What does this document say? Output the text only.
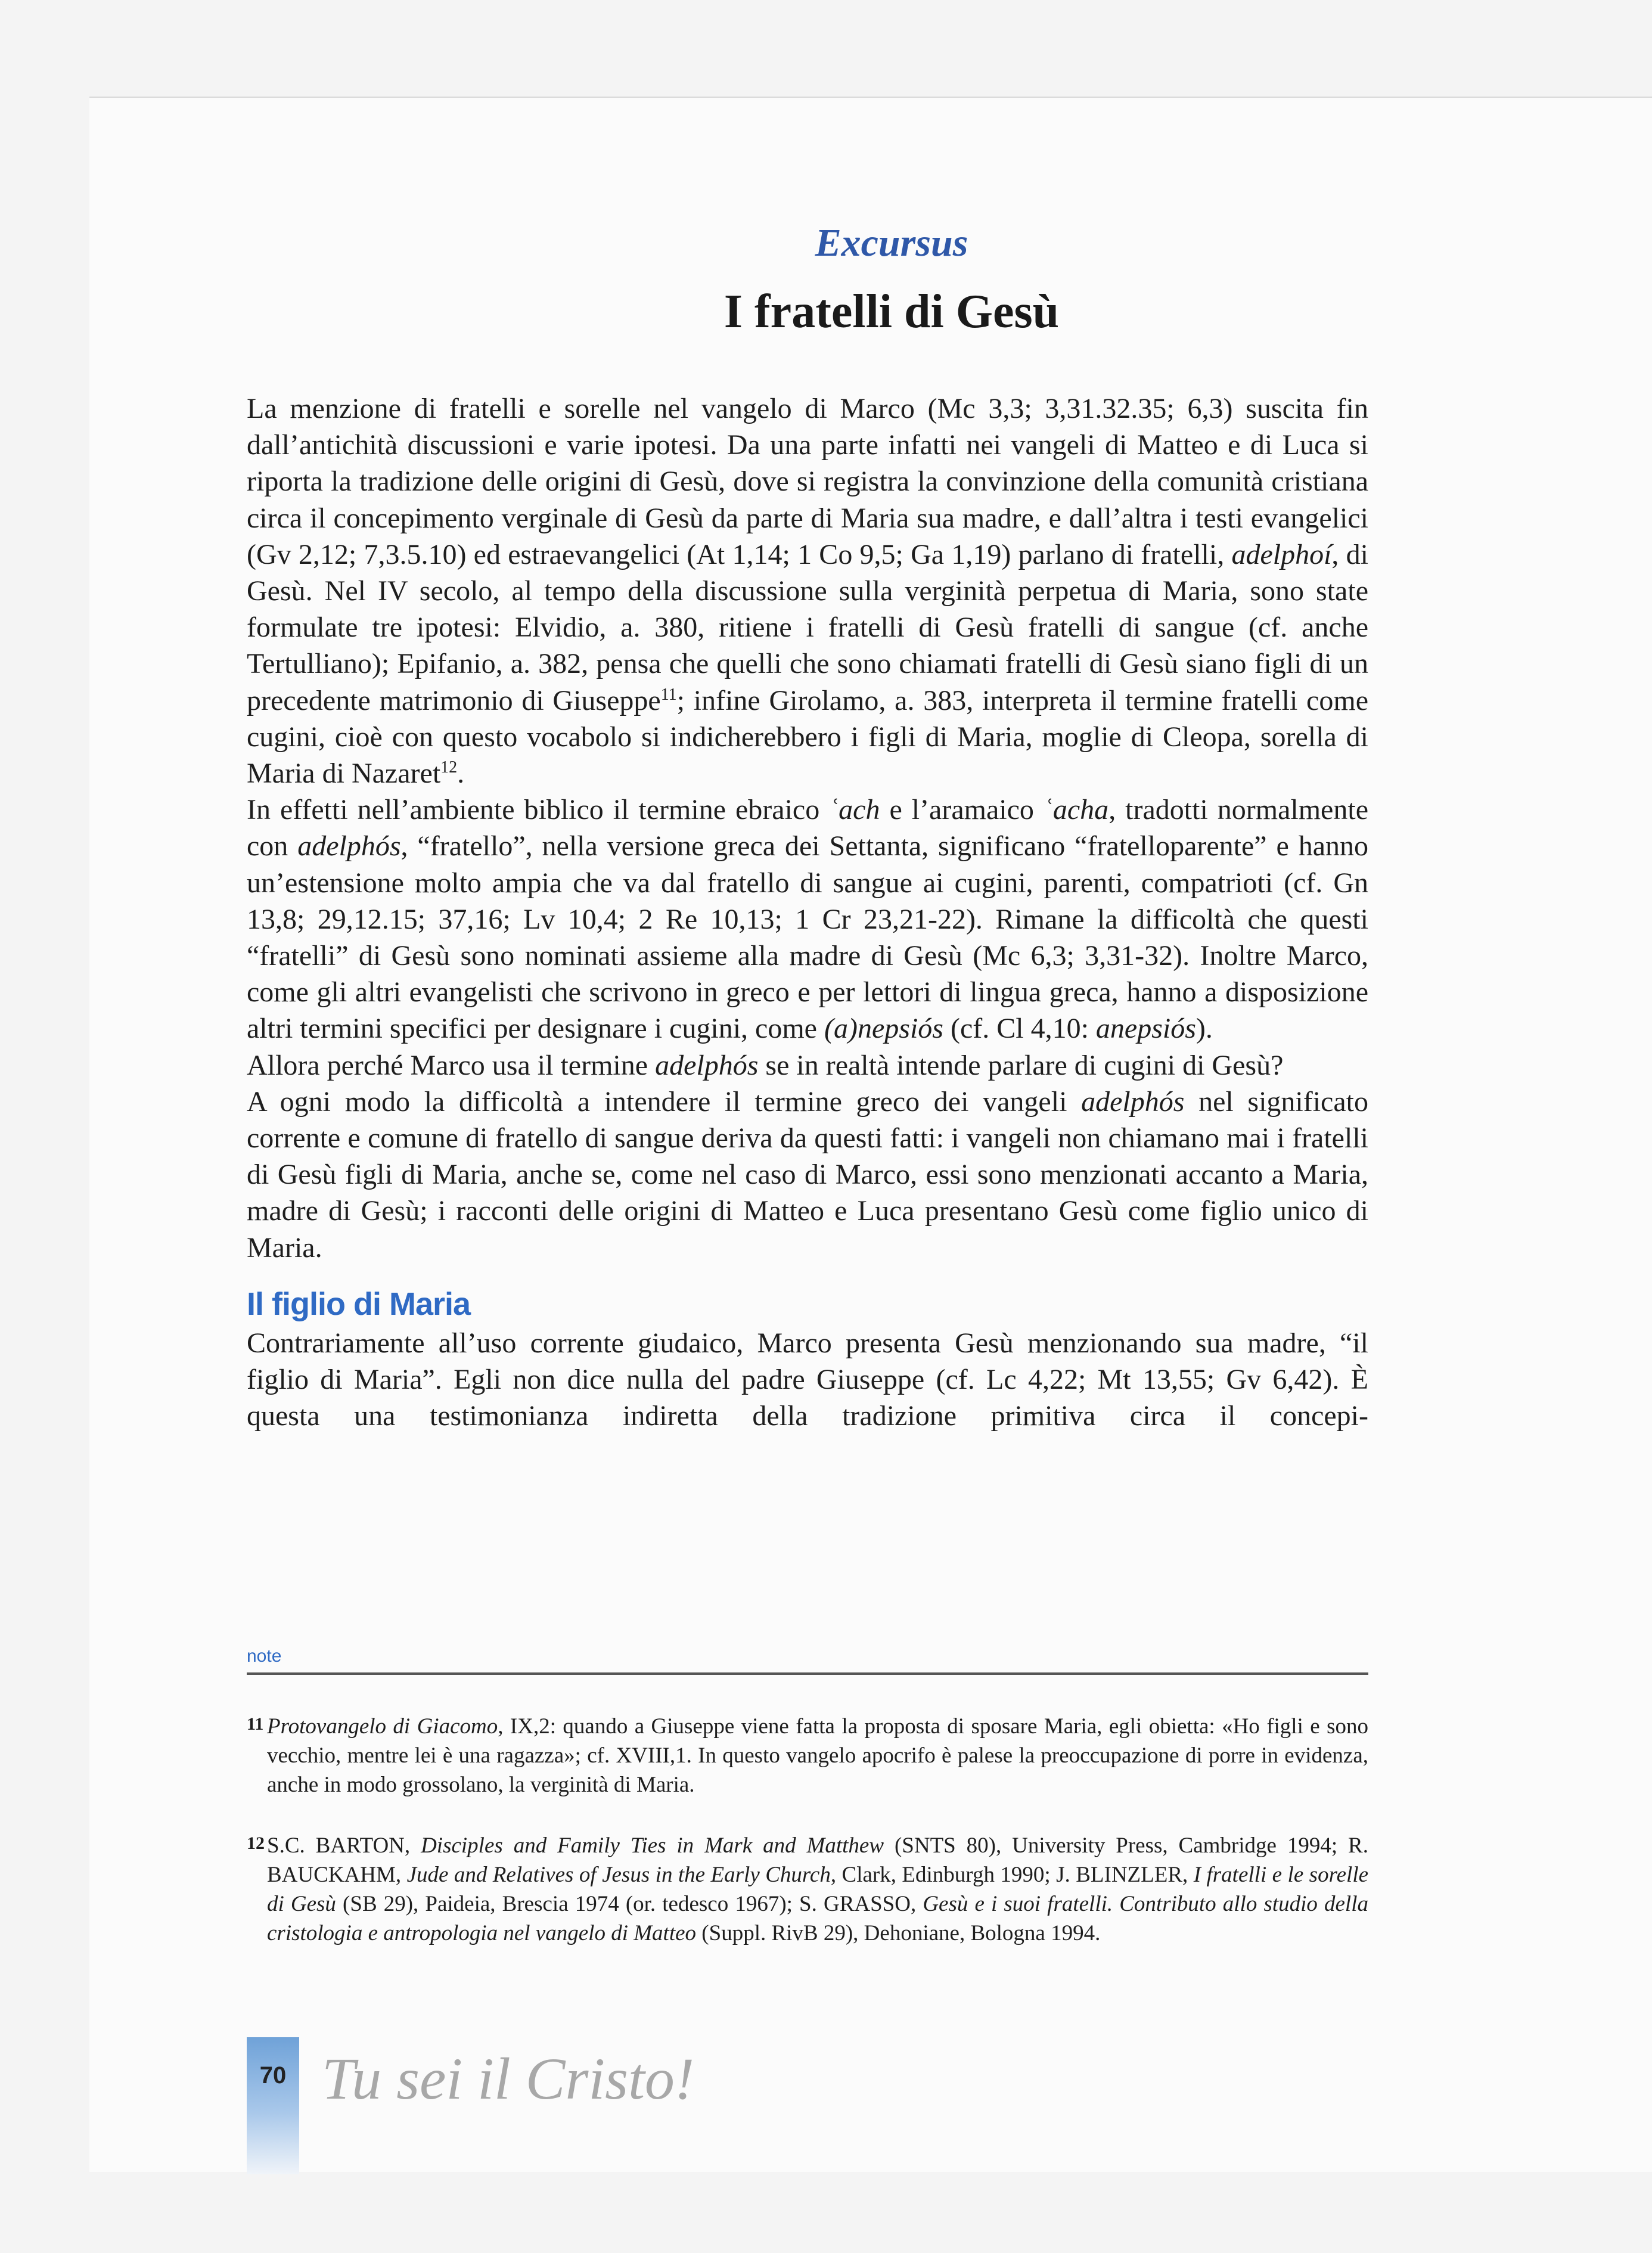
Excursus
I fratelli di Gesù

La menzione di fratelli e sorelle nel vangelo di Marco (Mc 3,3; 3,31.32.35; 6,3) suscita fin dall’antichità discussioni e varie ipotesi. Da una parte infatti nei vangeli di Matteo e di Luca si riporta la tradizione delle origini di Gesù, dove si registra la convinzione della comunità cristiana circa il concepimento verginale di Gesù da parte di Maria sua madre, e dall’altra i testi evangelici (Gv 2,12; 7,3.5.10) ed estraevangelici (At 1,14; 1 Co 9,5; Ga 1,19) parlano di fratelli, adelphoí, di Gesù. Nel IV secolo, al tempo della discussione sulla verginità perpetua di Maria, sono state formulate tre ipotesi: Elvidio, a. 380, ritiene i fratelli di Gesù fratelli di sangue (cf. anche Tertulliano); Epifanio, a. 382, pensa che quelli che sono chiamati fratelli di Gesù siano figli di un precedente matrimonio di Giuseppe$^{11}$; infine Girolamo, a. 383, interpreta il termine fratelli come cugini, cioè con questo vocabolo si indicherebbero i figli di Maria, moglie di Cleopa, sorella di Maria di Nazaret$^{12}$.

In effetti nell’ambiente biblico il termine ebraico ʿach e l’aramaico ʿacha, tradotti normalmente con adelphós, “fratello”, nella versione greca dei Settanta, significano “fratelloparente” e hanno un’estensione molto ampia che va dal fratello di sangue ai cugini, parenti, compatrioti (cf. Gn 13,8; 29,12.15; 37,16; Lv 10,4; 2 Re 10,13; 1 Cr 23,21-22). Rimane la difficoltà che questi “fratelli” di Gesù sono nominati assieme alla madre di Gesù (Mc 6,3; 3,31-32). Inoltre Marco, come gli altri evangelisti che scrivono in greco e per lettori di lingua greca, hanno a disposizione altri termini specifici per designare i cugini, come (a)nepsiós (cf. Cl 4,10: anepsiós).

Allora perché Marco usa il termine adelphós se in realtà intende parlare di cugini di Gesù?

A ogni modo la difficoltà a intendere il termine greco dei vangeli adelphós nel significato corrente e comune di fratello di sangue deriva da questi fatti: i vangeli non chiamano mai i fratelli di Gesù figli di Maria, anche se, come nel caso di Marco, essi sono menzionati accanto a Maria, madre di Gesù; i racconti delle origini di Matteo e Luca presentano Gesù come figlio unico di Maria.

Il figlio di Maria

Contrariamente all’uso corrente giudaico, Marco presenta Gesù menzionando sua madre, “il figlio di Maria”. Egli non dice nulla del padre Giuseppe (cf. Lc 4,22; Mt 13,55; Gv 6,42). È questa una testimonianza indiretta della tradizione primitiva circa il concepi-

note
11 Protovangelo di Giacomo, IX,2: quando a Giuseppe viene fatta la proposta di sposare Maria, egli obietta: «Ho figli e sono vecchio, mentre lei è una ragazza»; cf. XVIII,1. In questo vangelo apocrifo è palese la preoccupazione di porre in evidenza, anche in modo grossolano, la verginità di Maria.
12 S.C. BARTON, Disciples and Family Ties in Mark and Matthew (SNTS 80), University Press, Cambridge 1994; R. BAUCKAHM, Jude and Relatives of Jesus in the Early Church, Clark, Edinburgh 1990; J. BLINZLER, I fratelli e le sorelle di Gesù (SB 29), Paideia, Brescia 1974 (or. tedesco 1967); S. GRASSO, Gesù e i suoi fratelli. Contributo allo studio della cristologia e antropologia nel vangelo di Matteo (Suppl. RivB 29), Dehoniane, Bologna 1994.
70 Tu sei il Cristo!
